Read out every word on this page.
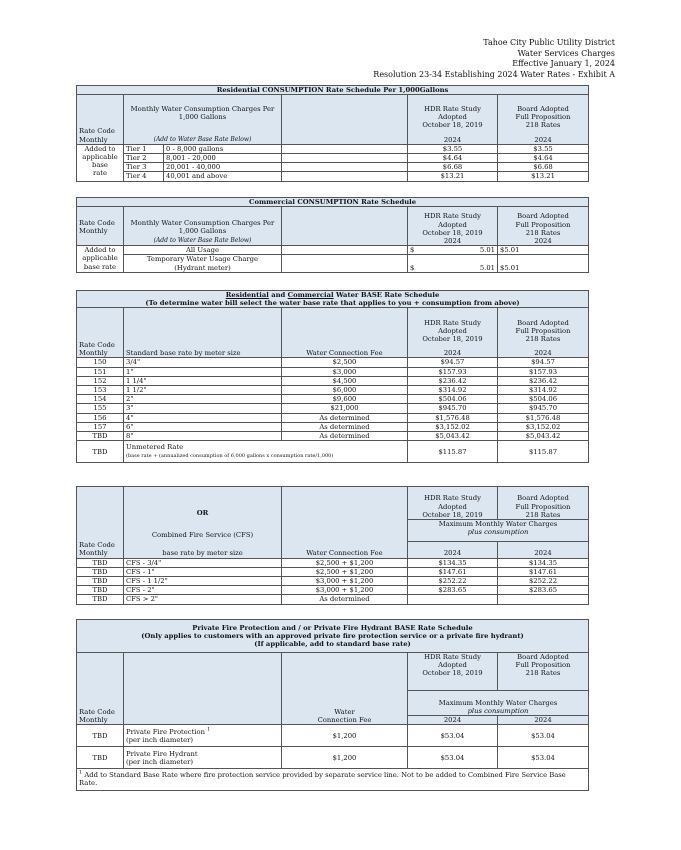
Tahoe City Public Utility District
Water Services Charges
Effective January 1, 2024
Resolution 23-34 Establishing 2024 Water Rates - Exhibit A
Residential CONSUMPTION Rate Schedule Per 1,000Gallons					
Rate Code
Monthly	Monthly Water Consumption Charges Per
1,000 Gallons
(Add to Water Base Rate Below)			HDR Rate Study
Adopted
October 18, 2019
2024	Board Adopted
Full Proposition
218 Rates
2024
Added to
applicable
base
rate	Tier 1	0 - 8,000 gallons		$3.55	$3.55
	Tier 2	8,001 - 20,000		$4.64	$4.64
	Tier 3	20,001 - 40,000		$6.68	$6.68
	Tier 4	40,001 and above		$13.21	$13.21
Commercial CONSUMPTION Rate Schedule					
Rate Code
Monthly	Monthly Water Consumption Charges Per
1,000 Gallons
(Add to Water Base Rate Below)		HDR Rate Study
Adopted
October 18, 2019
2024		Board Adopted
Full Proposition
218 Rates
2024
Added to
applicable
base rate	All Usage		$	5.01	$5.01
	Temporary Water Usage Charge
(Hydrant meter)		$	5.01	$5.01
Residential and Commercial Water BASE Rate Schedule
(To determine water bill select the water base rate that applies to you + consumption from above)				
Rate Code
Monthly	Standard base rate by meter size	Water Connection Fee	HDR Rate Study
Adopted
October 18, 2019
2024	Board Adopted
Full Proposition
218 Rates
2024
150	3/4"	$2,500	$94.57	$94.57
151	1"	$3,000	$157.93	$157.93
152	1 1/4"	$4,500	$236.42	$236.42
153	1 1/2"	$6,000	$314.92	$314.92
154	2"	$9,600	$504.06	$504.06
155	3"	$21,000	$945.70	$945.70
156	4"	As determined	$1,576.48	$1,576.48
157	6"	As determined	$3,152.02	$3,152.02
TBD	8"	As determined	$5,043.42	$5,043.42
TBD	Unmetered Rate
(base rate + (annualized consumption of 6,000 gallons x consumption rate/1,000)		$115.87	$115.87
Rate Code
Monthly	OR
Combined Fire Service (CFS)
base rate by meter size	Water Connection Fee	HDR Rate Study
Adopted
October 18, 2019	Board Adopted
Full Proposition
218 Rates
			Maximum Monthly Water Charges
plus consumption	
			2024	2024
TBD	CFS - 3/4"	$2,500 + $1,200	$134.35	$134.35
TBD	CFS - 1"	$2,500 + $1,200	$147.61	$147.61
TBD	CFS - 1 1/2"	$3,000 + $1,200	$252.22	$252.22
TBD	CFS - 2"	$3,000 + $1,200	$283.65	$283.65
TBD	CFS > 2"	As determined		
Private Fire Protection and / or Private Fire Hydrant BASE Rate Schedule
(Only applies to customers with an approved private fire protection service or a private fire hydrant)
(If applicable, add to standard base rate)				
Rate Code
Monthly		Water
Connection Fee	HDR Rate Study
Adopted
October 18, 2019	Board Adopted
Full Proposition
218 Rates
			Maximum Monthly Water Charges
plus consumption	
			2024	2024
TBD	Private Fire Protection $^1$
(per inch diameter)	$1,200	$53.04	$53.04
TBD	Private Fire Hydrant
(per inch diameter)	$1,200	$53.04	$53.04
$^1$ Add to Standard Base Rate where fire protection service provided by separate service line. Not to be added to Combined Fire Service Base Rate.				
